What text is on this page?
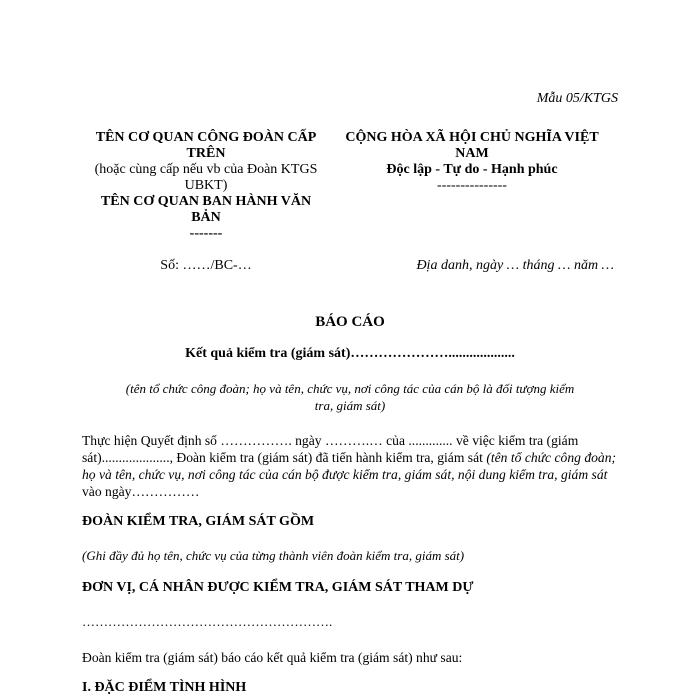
Mẫu 05/KTGS
TÊN CƠ QUAN CÔNG ĐOÀN CẤP
TRÊN
(hoặc cùng cấp nếu vb của Đoàn KTGS
UBKT)
TÊN CƠ QUAN BAN HÀNH VĂN
BẢN
-------
CỘNG HÒA XÃ HỘI CHỦ NGHĨA VIỆT
NAM
Độc lập - Tự do - Hạnh phúc
---------------
Số: ……/BC-…	Địa danh, ngày … tháng … năm …
BÁO CÁO
Kết quả kiểm tra (giám sát)…………………...................
(tên tổ chức công đoàn; họ và tên, chức vụ, nơi công tác của cán bộ là đối tượng kiểm
tra, giám sát)
Thực hiện Quyết định số ……………. ngày ……….… của ............. về việc kiểm tra (giám sát)...................., Đoàn kiểm tra (giám sát) đã tiến hành kiểm tra, giám sát (tên tổ chức công đoàn; họ và tên, chức vụ, nơi công tác của cán bộ được kiểm tra, giám sát, nội dung kiểm tra, giám sát vào ngày……………
ĐOÀN KIỂM TRA, GIÁM SÁT GỒM
(Ghi đầy đủ họ tên, chức vụ của từng thành viên đoàn kiểm tra, giám sát)
ĐƠN VỊ, CÁ NHÂN ĐƯỢC KIỂM TRA, GIÁM SÁT THAM DỰ
………………………………………………….
Đoàn kiểm tra (giám sát) báo cáo kết quả kiểm tra (giám sát) như sau:
I. ĐẶC ĐIỂM TÌNH HÌNH
